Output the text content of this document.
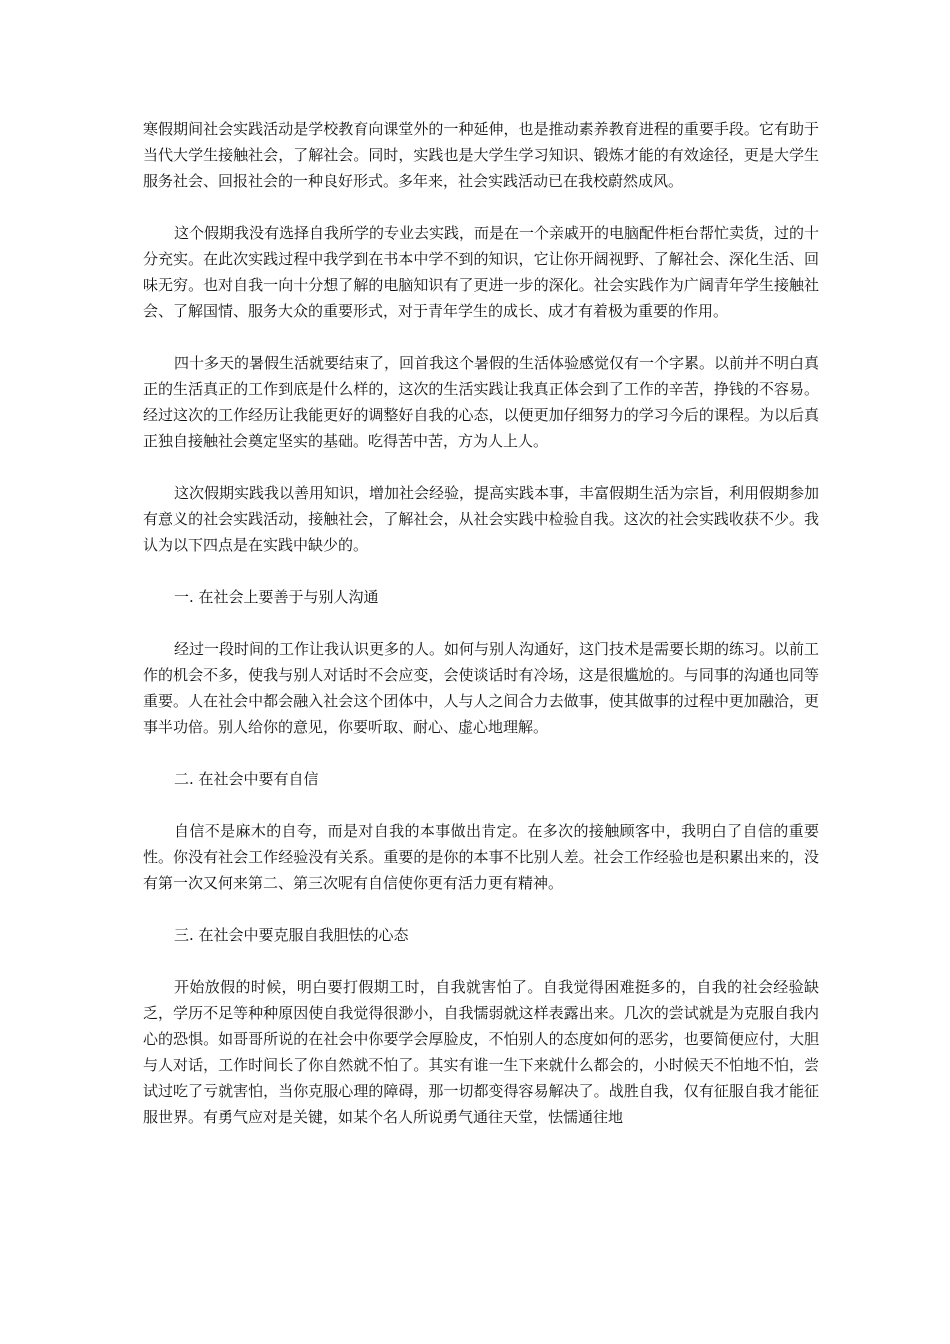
寒假期间社会实践活动是学校教育向课堂外的一种延伸，也是推动素养教育进程的重要手段。它有助于当代大学生接触社会，了解社会。同时，实践也是大学生学习知识、锻炼才能的有效途径，更是大学生服务社会、回报社会的一种良好形式。多年来，社会实践活动已在我校蔚然成风。

这个假期我没有选择自我所学的专业去实践，而是在一个亲戚开的电脑配件柜台帮忙卖货，过的十分充实。在此次实践过程中我学到在书本中学不到的知识，它让你开阔视野、了解社会、深化生活、回味无穷。也对自我一向十分想了解的电脑知识有了更进一步的深化。社会实践作为广阔青年学生接触社会、了解国情、服务大众的重要形式，对于青年学生的成长、成才有着极为重要的作用。

四十多天的暑假生活就要结束了，回首我这个暑假的生活体验感觉仅有一个字累。以前并不明白真正的生活真正的工作到底是什么样的，这次的生活实践让我真正体会到了工作的辛苦，挣钱的不容易。经过这次的工作经历让我能更好的调整好自我的心态，以便更加仔细努力的学习今后的课程。为以后真正独自接触社会奠定坚实的基础。吃得苦中苦，方为人上人。

这次假期实践我以善用知识，增加社会经验，提高实践本事，丰富假期生活为宗旨，利用假期参加有意义的社会实践活动，接触社会，了解社会，从社会实践中检验自我。这次的社会实践收获不少。我认为以下四点是在实践中缺少的。

一. 在社会上要善于与别人沟通

经过一段时间的工作让我认识更多的人。如何与别人沟通好，这门技术是需要长期的练习。以前工作的机会不多，使我与别人对话时不会应变，会使谈话时有冷场，这是很尴尬的。与同事的沟通也同等重要。人在社会中都会融入社会这个团体中，人与人之间合力去做事，使其做事的过程中更加融洽，更事半功倍。别人给你的意见，你要听取、耐心、虚心地理解。

二. 在社会中要有自信

自信不是麻木的自夸，而是对自我的本事做出肯定。在多次的接触顾客中，我明白了自信的重要性。你没有社会工作经验没有关系。重要的是你的本事不比别人差。社会工作经验也是积累出来的，没有第一次又何来第二、第三次呢有自信使你更有活力更有精神。

三. 在社会中要克服自我胆怯的心态

开始放假的时候，明白要打假期工时，自我就害怕了。自我觉得困难挺多的，自我的社会经验缺乏，学历不足等种种原因使自我觉得很渺小，自我懦弱就这样表露出来。几次的尝试就是为克服自我内心的恐惧。如哥哥所说的在社会中你要学会厚脸皮，不怕别人的态度如何的恶劣，也要简便应付，大胆与人对话，工作时间长了你自然就不怕了。其实有谁一生下来就什么都会的，小时候天不怕地不怕，尝试过吃了亏就害怕，当你克服心理的障碍，那一切都变得容易解决了。战胜自我，仅有征服自我才能征服世界。有勇气应对是关键，如某个名人所说勇气通往天堂，怯懦通往地
